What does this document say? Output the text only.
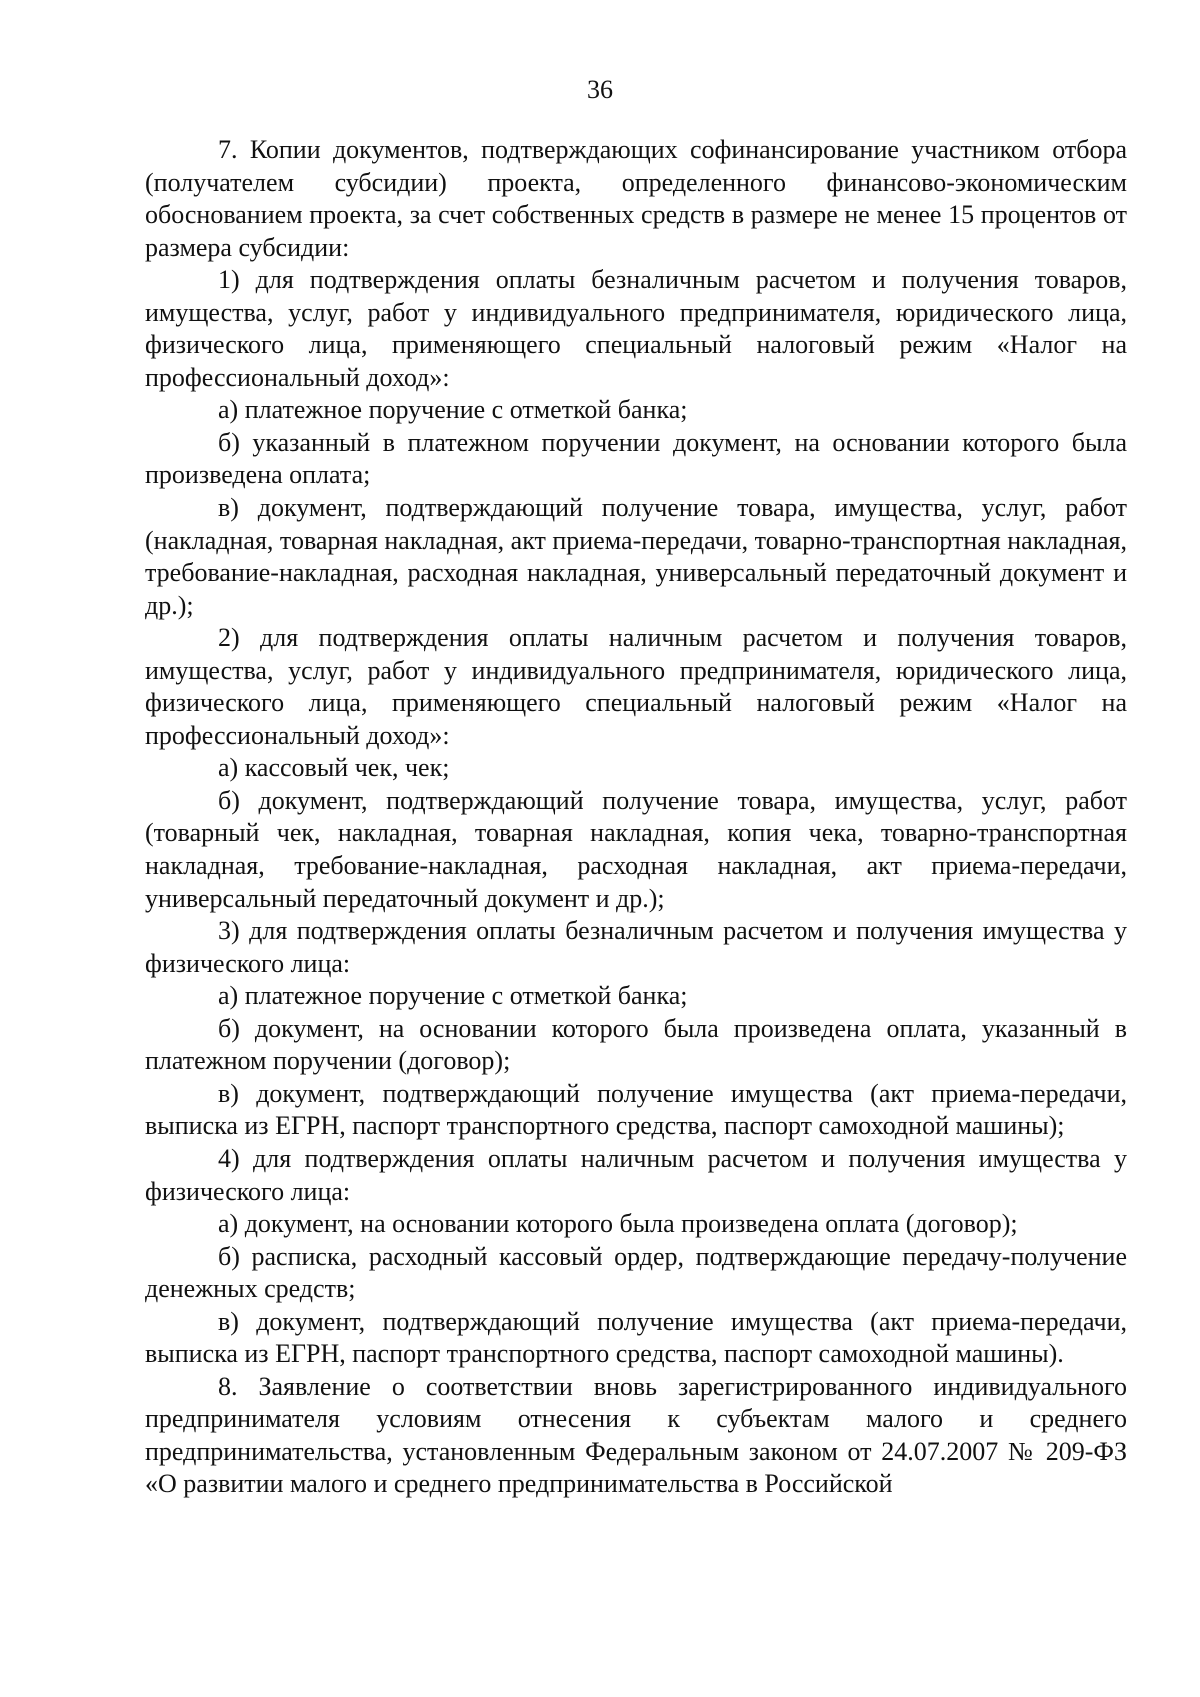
36

7. Копии документов, подтверждающих софинансирование участником отбора (получателем субсидии) проекта, определенного финансово-экономическим обоснованием проекта, за счет собственных средств в размере не менее 15 процентов от размера субсидии:

1) для подтверждения оплаты безналичным расчетом и получения товаров, имущества, услуг, работ у индивидуального предпринимателя, юридического лица, физического лица, применяющего специальный налоговый режим «Налог на профессиональный доход»:

а) платежное поручение с отметкой банка;

б) указанный в платежном поручении документ, на основании которого была произведена оплата;

в) документ, подтверждающий получение товара, имущества, услуг, работ (накладная, товарная накладная, акт приема-передачи, товарно-транспортная накладная, требование-накладная, расходная накладная, универсальный передаточный документ и др.);

2) для подтверждения оплаты наличным расчетом и получения товаров, имущества, услуг, работ у индивидуального предпринимателя, юридического лица, физического лица, применяющего специальный налоговый режим «Налог на профессиональный доход»:

а) кассовый чек, чек;

б) документ, подтверждающий получение товара, имущества, услуг, работ (товарный чек, накладная, товарная накладная, копия чека, товарно-транспортная накладная, требование-накладная, расходная накладная, акт приема-передачи, универсальный передаточный документ и др.);

3) для подтверждения оплаты безналичным расчетом и получения имущества у физического лица:

а) платежное поручение с отметкой банка;

б) документ, на основании которого была произведена оплата, указанный в платежном поручении (договор);

в) документ, подтверждающий получение имущества (акт приема-передачи, выписка из ЕГРН, паспорт транспортного средства, паспорт самоходной машины);

4) для подтверждения оплаты наличным расчетом и получения имущества у физического лица:

а) документ, на основании которого была произведена оплата (договор);

б) расписка, расходный кассовый ордер, подтверждающие передачу-получение денежных средств;

в) документ, подтверждающий получение имущества (акт приема-передачи, выписка из ЕГРН, паспорт транспортного средства, паспорт самоходной машины).

8. Заявление о соответствии вновь зарегистрированного индивидуального предпринимателя условиям отнесения к субъектам малого и среднего предпринимательства, установленным Федеральным законом от 24.07.2007 № 209-ФЗ «О развитии малого и среднего предпринимательства в Российской
